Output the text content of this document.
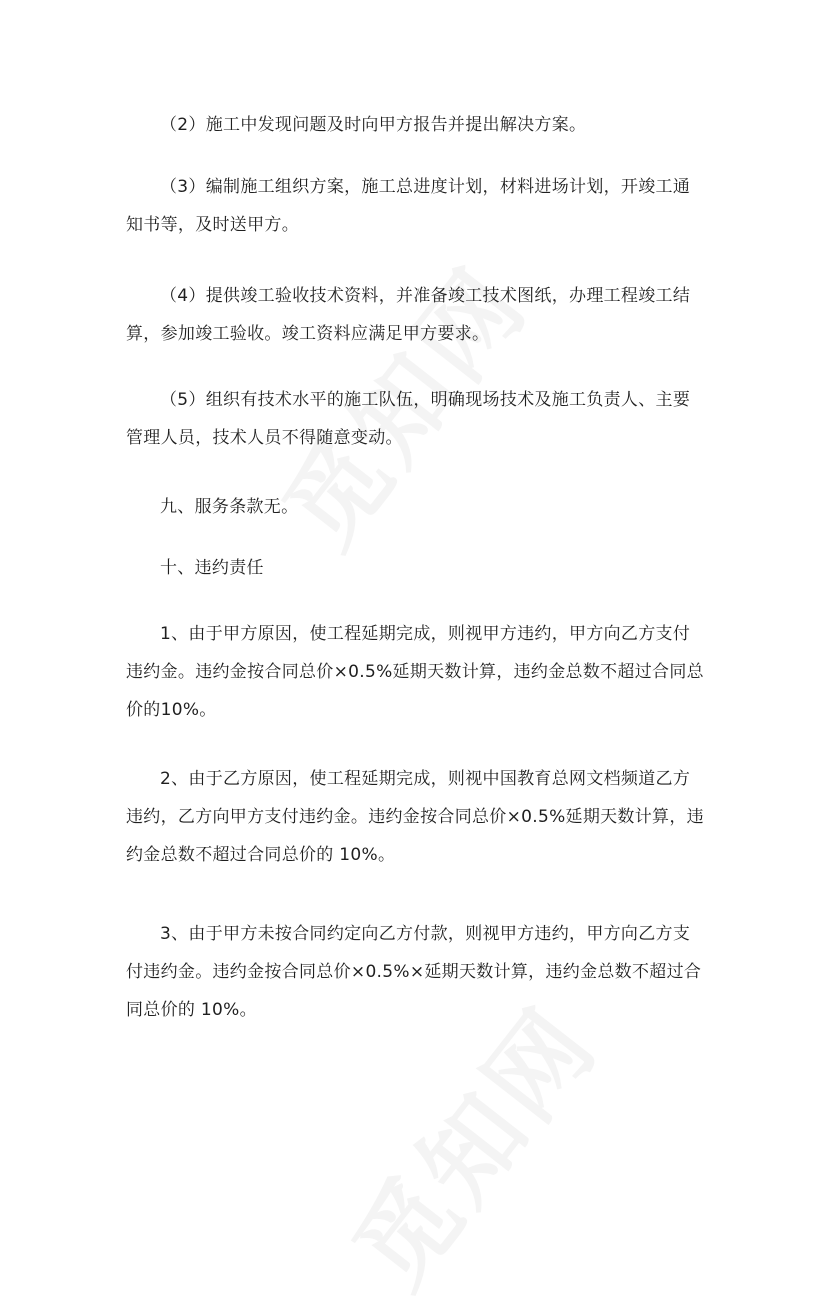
（2）施工中发现问题及时向甲方报告并提出解决方案。

（3）编制施工组织方案，施工总进度计划，材料进场计划，开竣工通知书等，及时送甲方。

（4）提供竣工验收技术资料，并准备竣工技术图纸，办理工程竣工结算，参加竣工验收。竣工资料应满足甲方要求。

（5）组织有技术水平的施工队伍，明确现场技术及施工负责人、主要管理人员，技术人员不得随意变动。

九、服务条款无。

十、违约责任

1、由于甲方原因，使工程延期完成，则视甲方违约，甲方向乙方支付违约金。违约金按合同总价×0.5%延期天数计算，违约金总数不超过合同总价的10%。

2、由于乙方原因，使工程延期完成，则视中国教育总网文档频道乙方违约，乙方向甲方支付违约金。违约金按合同总价×0.5%延期天数计算，违约金总数不超过合同总价的 10%。

3、由于甲方未按合同约定向乙方付款，则视甲方违约，甲方向乙方支付违约金。违约金按合同总价×0.5%×延期天数计算，违约金总数不超过合同总价的 10%。
